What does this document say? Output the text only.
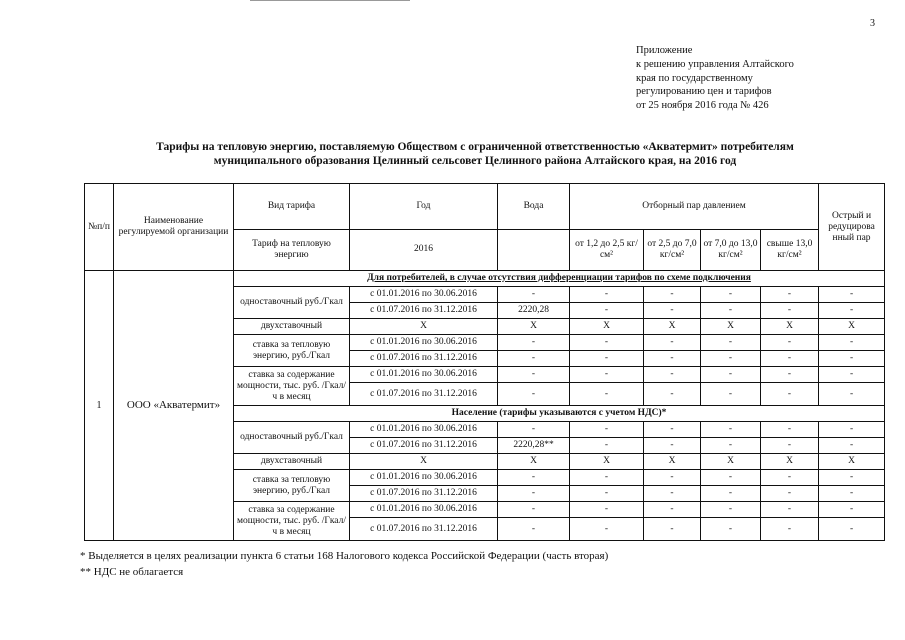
3
Приложение
к решению управления Алтайского
края по государственному
регулированию цен и тарифов
от 25 ноября 2016 года № 426
Тарифы на тепловую энергию, поставляемую Обществом с ограниченной ответственностью «Акватермит» потребителям
муниципального образования Целинный сельсовет Целинного района Алтайского края, на 2016 год
№п/п	Наименование регулируемой организации	Вид тарифа	Год	Вода	Отборный пар давлением				Острый и редуцирова нный пар
		Тариф на тепловую энергию	2016		от 1,2 до 2,5 кг/см²	от 2,5 до 7,0 кг/см²	от 7,0 до 13,0 кг/см²	свыше 13,0 кг/см²	
1	ООО «Акватермит»	Для потребителей, в случае отсутствия дифференциации тарифов по схеме подключения							
		одноставочный руб./Гкал	с 01.01.2016 по 30.06.2016	-	-	-	-	-	-
			с 01.07.2016 по 31.12.2016	2220,28	-	-	-	-	-
		двухставочный	Х	Х	Х	Х	Х	Х	Х
		ставка за тепловую энергию, руб./Гкал	с 01.01.2016 по 30.06.2016	-	-	-	-	-	-
			с 01.07.2016 по 31.12.2016	-	-	-	-	-	-
		ставка за содержание мощности, тыс. руб. /Гкал/ч в месяц	с 01.01.2016 по 30.06.2016	-	-	-	-	-	-
			с 01.07.2016 по 31.12.2016	-	-	-	-	-	-
		Население (тарифы указываются с учетом НДС)*							
		одноставочный руб./Гкал	с 01.01.2016 по 30.06.2016	-	-	-	-	-	-
			с 01.07.2016 по 31.12.2016	2220,28**	-	-	-	-	-
		двухставочный	Х	Х	Х	Х	Х	Х	Х
		ставка за тепловую энергию, руб./Гкал	с 01.01.2016 по 30.06.2016	-	-	-	-	-	-
			с 01.07.2016 по 31.12.2016	-	-	-	-	-	-
		ставка за содержание мощности, тыс. руб. /Гкал/ч в месяц	с 01.01.2016 по 30.06.2016	-	-	-	-	-	-
			с 01.07.2016 по 31.12.2016	-	-	-	-	-	-
* Выделяется в целях реализации пункта 6 статьи 168 Налогового кодекса Российской Федерации (часть вторая)
** НДС не облагается
